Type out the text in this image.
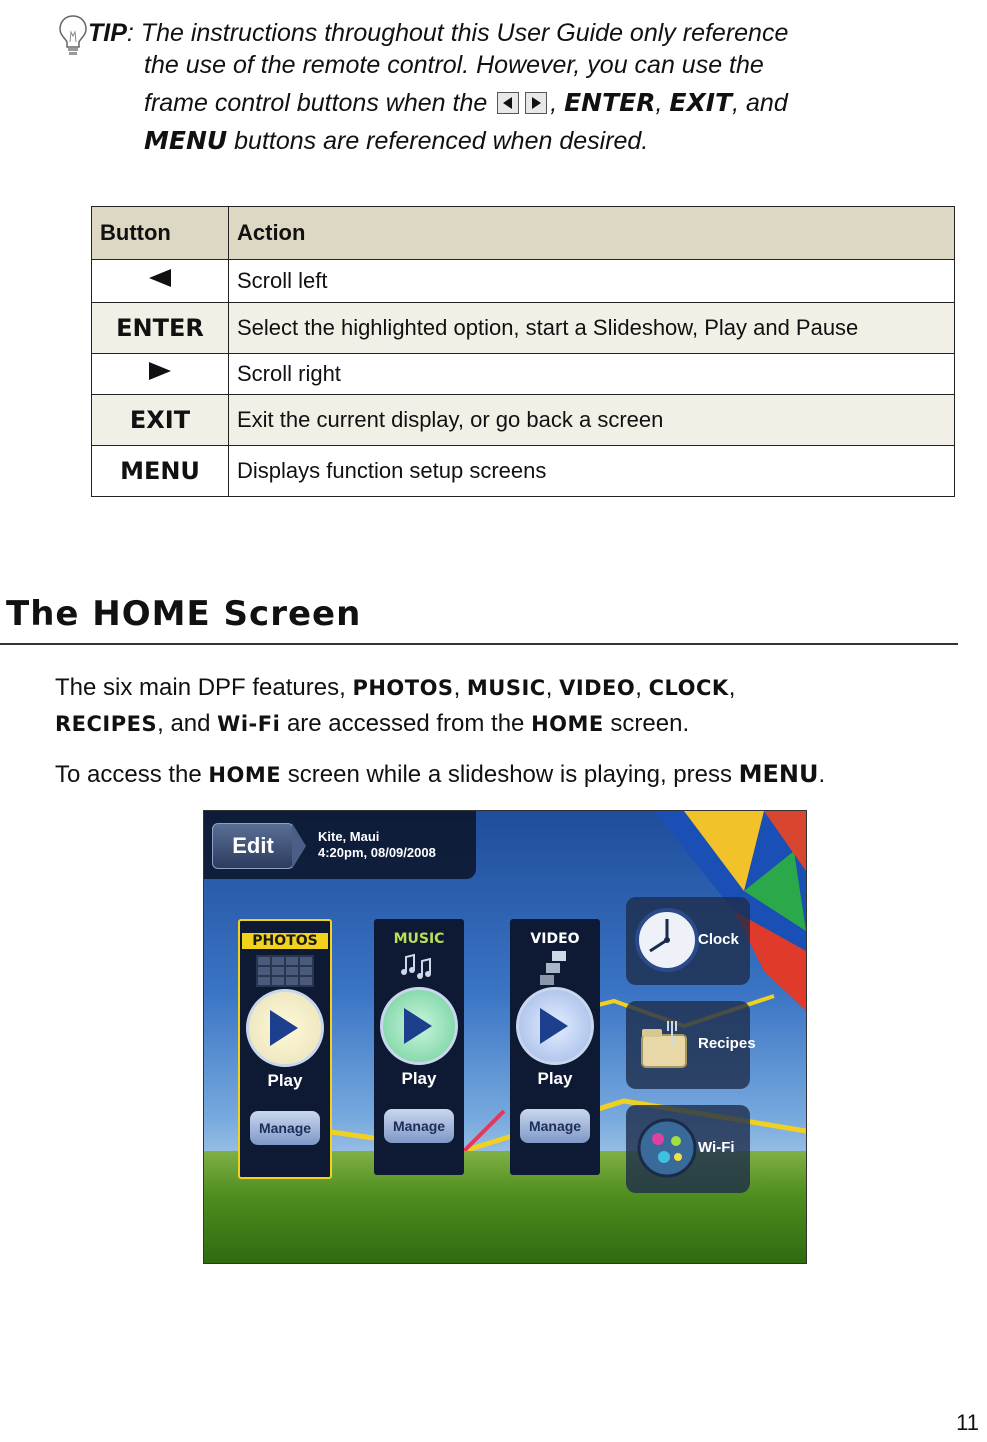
TIP: The instructions throughout this User Guide only reference
the use of the remote control. However, you can use the
frame control buttons when the	, ENTER, EXIT, and
MENU buttons are referenced when desired.
Button	Action
	Scroll left
ENTER	Select the highlighted option, start a Slideshow, Play and Pause
	Scroll right
EXIT	Exit the current display, or go back a screen
MENU	Displays function setup screens
The HOME Screen
The six main DPF features, PHOTOS, MUSIC, VIDEO, CLOCK,
RECIPES, and Wi-Fi are accessed from the HOME screen.
To access the HOME screen while a slideshow is playing, press MENU.
Edit	Kite, Maui
4:20pm, 08/09/2008
PHOTOS
Play
Manage
MUSIC
Play
Manage
VIDEO
Play
Manage
Clock
Recipes
Wi-Fi
11
